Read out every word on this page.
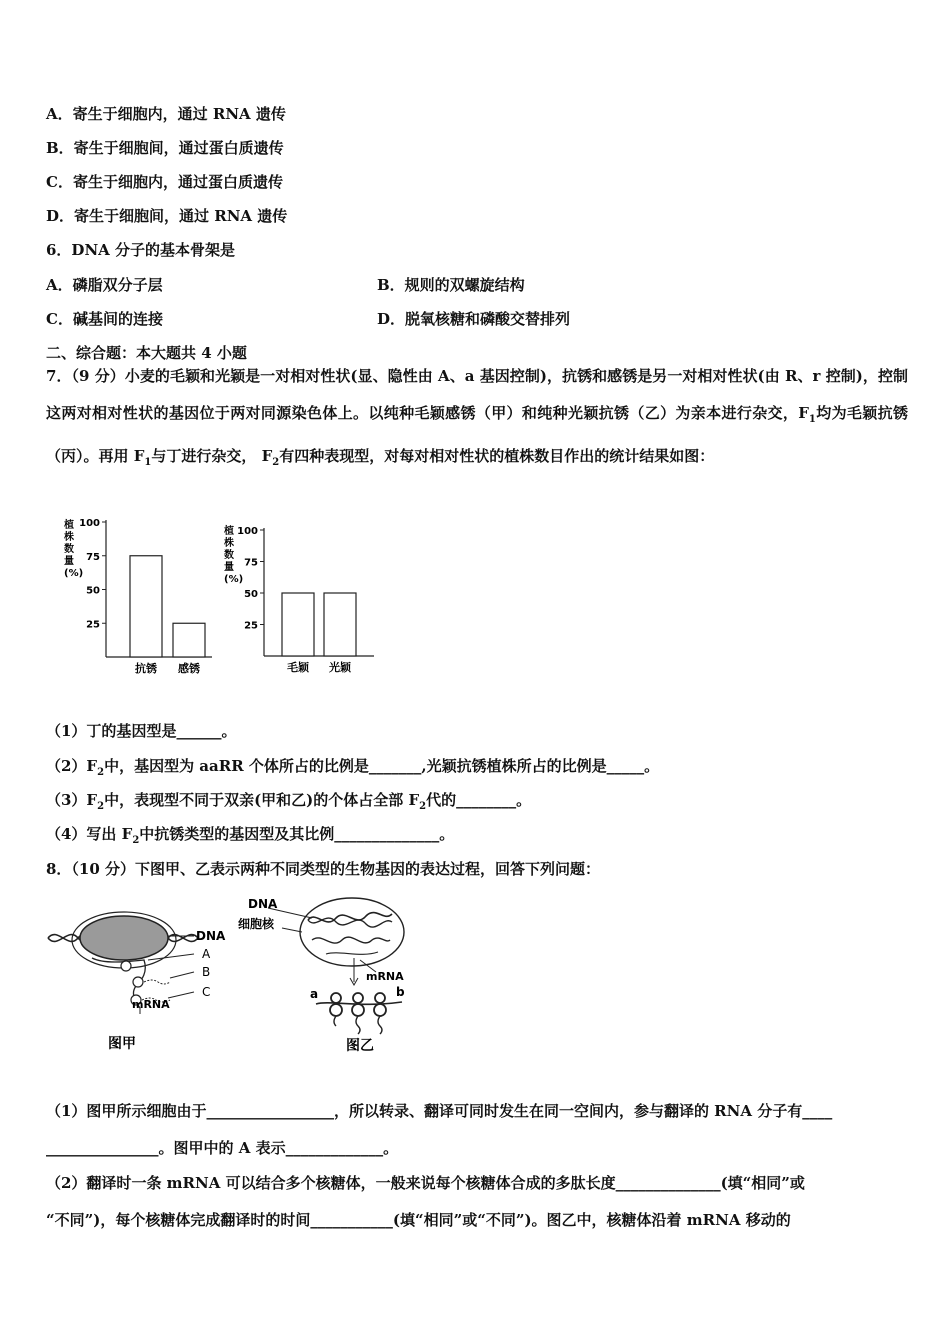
A．寄生于细胞内，通过 RNA 遗传
B．寄生于细胞间，通过蛋白质遗传
C．寄生于细胞内，通过蛋白质遗传
D．寄生于细胞间，通过 RNA 遗传
6．DNA 分子的基本骨架是
A．磷脂双分子层	B．规则的双螺旋结构
C．碱基间的连接	D．脱氧核糖和磷酸交替排列
二、综合题：本大题共 4 小题
7．（9 分）小麦的毛颖和光颖是一对相对性状(显、隐性由 A、a 基因控制)，抗锈和感锈是另一对相对性状(由 R、r 控制)，控制这两对相对性状的基因位于两对同源染色体上。以纯种毛颖感锈（甲）和纯种光颖抗锈（乙）为亲本进行杂交，$F_1$均为毛颖抗锈（丙）。再用 $F_1$与丁进行杂交， $F_2$有四种表现型，对每对相对性状的植株数目作出的统计结果如图：
100
75
50
25
植
株
数
量
(%)
抗锈 感锈
100
75
50
25
植
株
数
量
(%)
毛颖 光颖
（1）丁的基因型是______。
$(2)F_2$中，基因型为 aaRR 个体所占的比例是_______,光颖抗锈植株所占的比例是_____。
$(3)F_2$中，表现型不同于双亲(甲和乙)的个体占全部 $F_2$代的________。
（4）写出 $F_2$中抗锈类型的基因型及其比例______________。
8．（10 分）下图甲、乙表示两种不同类型的生物基因的表达过程，回答下列问题：
DNA
A
B
C
mRNA
图甲
DNA
细胞核
mRNA
a	b
图乙
（1）图甲所示细胞由于_________________，所以转录、翻译可同时发生在同一空间内，参与翻译的 RNA 分子有____
_______________。图甲中的 A 表示_____________。
（2）翻译时一条 mRNA 可以结合多个核糖体，一般来说每个核糖体合成的多肽长度______________(填“相同”或
“不同”)，每个核糖体完成翻译时的时间___________(填“相同”或“不同”)。图乙中，核糖体沿着 mRNA 移动的
